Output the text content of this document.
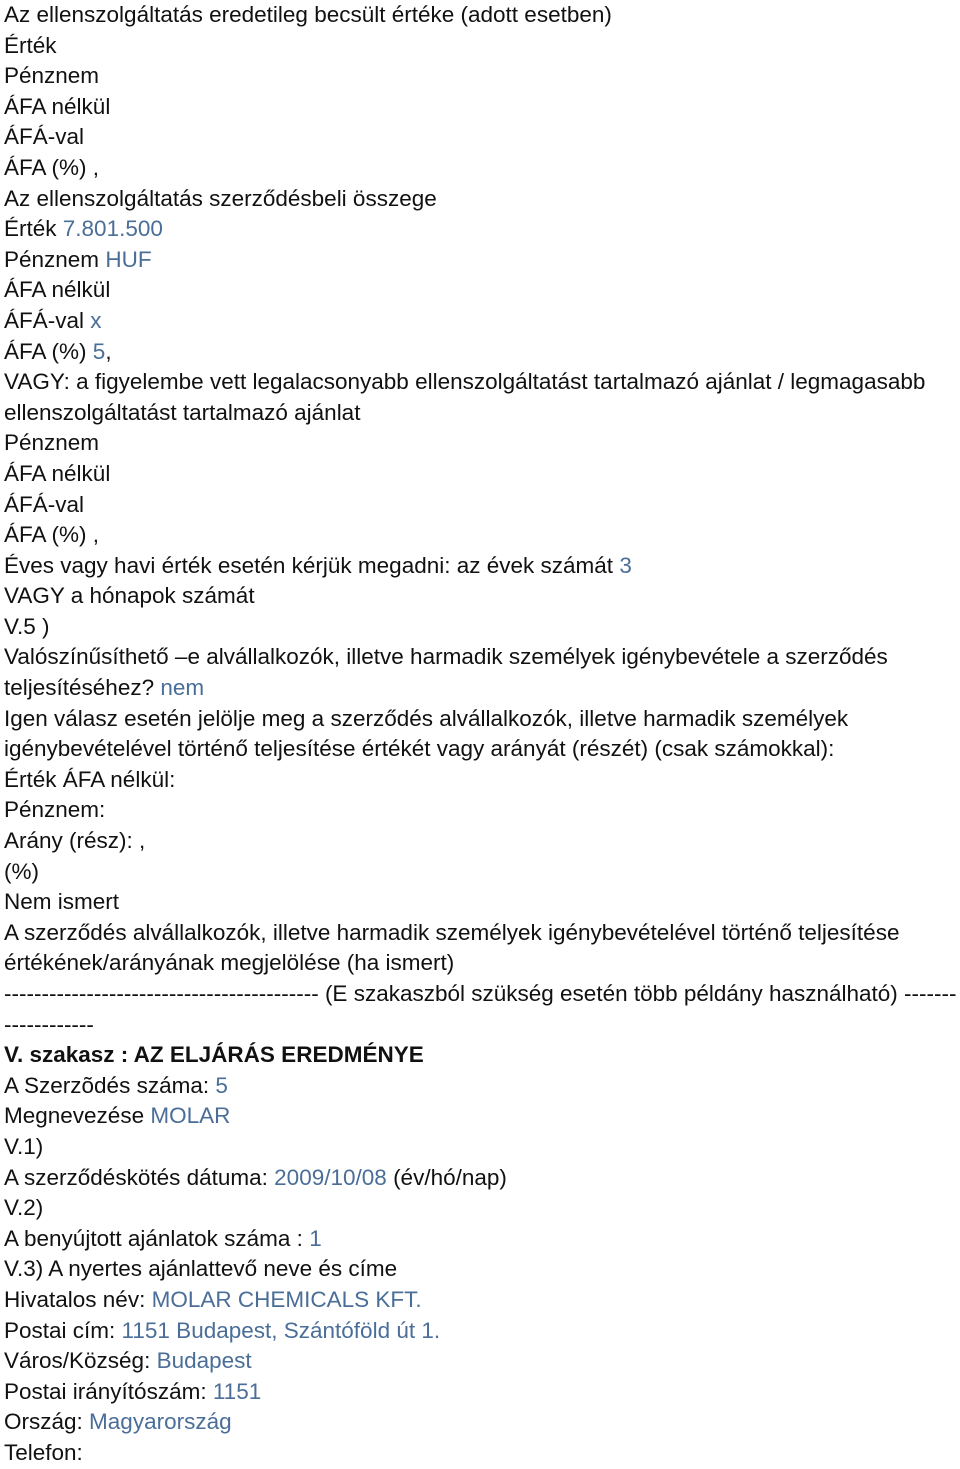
Az ellenszolgáltatás eredetileg becsült értéke (adott esetben)
Érték
Pénznem
ÁFA nélkül
ÁFÁ-val
ÁFA (%) ,
Az ellenszolgáltatás szerződésbeli összege
Érték 7.801.500
Pénznem HUF
ÁFA nélkül
ÁFÁ-val x
ÁFA (%) 5,
VAGY: a figyelembe vett legalacsonyabb ellenszolgáltatást tartalmazó ajánlat / legmagasabb ellenszolgáltatást tartalmazó ajánlat
Pénznem
ÁFA nélkül
ÁFÁ-val
ÁFA (%) ,
Éves vagy havi érték esetén kérjük megadni: az évek számát 3
VAGY a hónapok számát
V.5 )
Valószínűsíthető –e alvállalkozók, illetve harmadik személyek igénybevétele a szerződés teljesítéséhez? nem
Igen válasz esetén jelölje meg a szerződés alvállalkozók, illetve harmadik személyek igénybevételével történő teljesítése értékét vagy arányát (részét) (csak számokkal):
Érték ÁFA nélkül:
Pénznem:
Arány (rész): ,
(%)
Nem ismert
A szerződés alvállalkozók, illetve harmadik személyek igénybevételével történő teljesítése értékének/arányának megjelölése (ha ismert)
------------------------------------------ (E szakaszból szükség esetén több példány használható) -------------------
V. szakasz : AZ ELJÁRÁS EREDMÉNYE
A Szerzõdés száma: 5
Megnevezése MOLAR
V.1)
A szerződéskötés dátuma: 2009/10/08 (év/hó/nap)
V.2)
A benyújtott ajánlatok száma : 1
V.3) A nyertes ajánlattevő neve és címe
Hivatalos név: MOLAR CHEMICALS KFT.
Postai cím: 1151 Budapest, Szántóföld út 1.
Város/Község: Budapest
Postai irányítószám: 1151
Ország: Magyarország
Telefon:
